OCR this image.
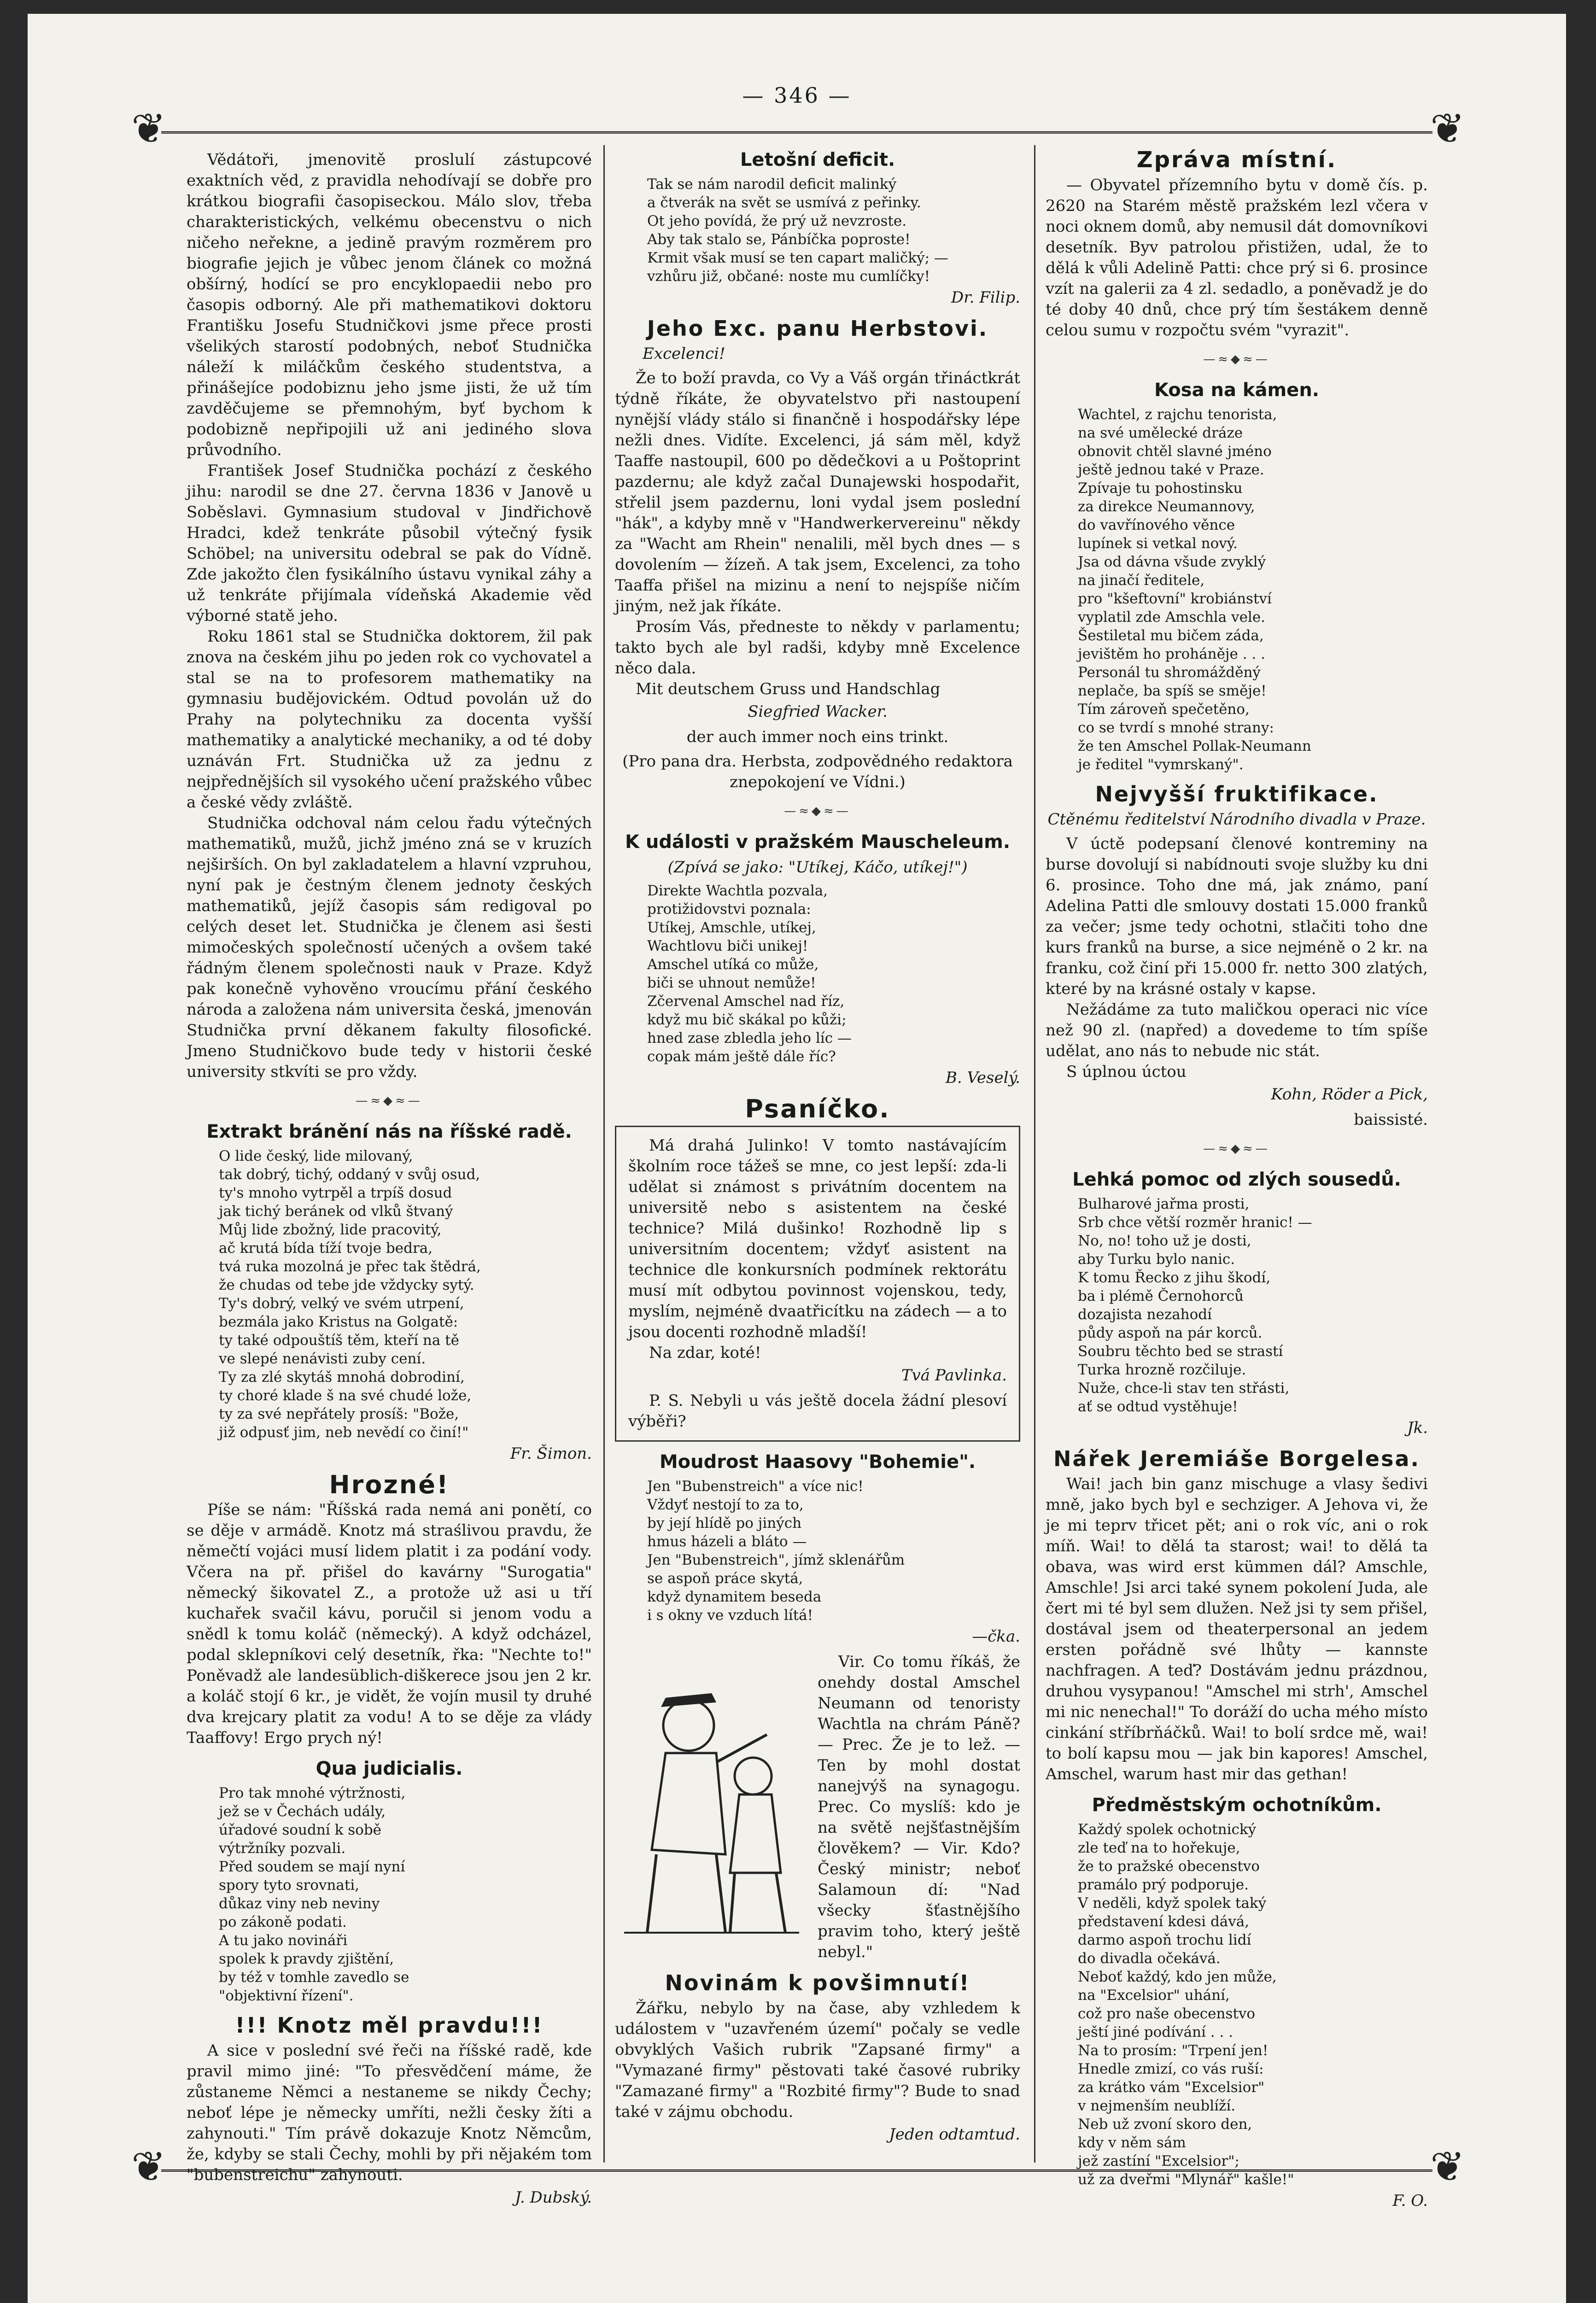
— 346 —
❦	❦
❦	❦

Vědátoři, jmenovitě proslulí zástupcové exaktních věd, z pravidla nehodívají se dobře pro krátkou biografii časopiseckou. Málo slov, třeba charakteristických, velkému obecenstvu o nich ničeho neřekne, a jedině pravým rozměrem pro biografie jejich je vůbec jenom článek co možná obšírný, hodící se pro encyklopaedii nebo pro časopis odborný. Ale při mathematikovi doktoru Františku Josefu Studničkovi jsme přece prosti všelikých starostí podobných, neboť Studnička náleží k miláčkům českého studentstva, a přinášejíce podobiznu jeho jsme jisti, že už tím zavděčujeme se přemnohým, byť bychom k podobizně nepřipojili už ani jediného slova průvodního.

František Josef Studnička pochází z českého jihu: narodil se dne 27. června 1836 v Janově u Soběslavi. Gymnasium studoval v Jindřichově Hradci, kdež tenkráte působil výtečný fysik Schöbel; na universitu odebral se pak do Vídně. Zde jakožto člen fysikálního ústavu vynikal záhy a už tenkráte přijímala vídeňská Akademie věd výborné statě jeho.

Roku 1861 stal se Studnička doktorem, žil pak znova na českém jihu po jeden rok co vychovatel a stal se na to profesorem mathematiky na gymnasiu budějovickém. Odtud povolán už do Prahy na polytechniku za docenta vyšší mathematiky a analytické mechaniky, a od té doby uznáván Frt. Studnička už za jednu z nejpřednějších sil vysokého učení pražského vůbec a české vědy zvláště.

Studnička odchoval nám celou řadu výtečných mathematiků, mužů, jichž jméno zná se v kruzích nejširších. On byl zakladatelem a hlavní vzpruhou, nyní pak je čestným členem jednoty českých mathematiků, jejíž časopis sám redigoval po celých deset let. Studnička je členem asi šesti mimočeských společností učených a ovšem také řádným členem společnosti nauk v Praze. Když pak konečně vyhověno vroucímu přání českého národa a založena nám universita česká, jmenován Studnička první děkanem fakulty filosofické. Jmeno Studničkovo bude tedy v historii české university stkvíti se pro vždy.

—≈◆≈—
Extrakt bránění nás na říšské radě.
O lide český, lide milovaný,
tak dobrý, tichý, oddaný v svůj osud,
ty's mnoho vytrpěl a trpíš dosud
jak tichý beránek od vlků štvaný
Můj lide zbožný, lide pracovitý,
ač krutá bída tíží tvoje bedra,
tvá ruka mozolná je přec tak štědrá,
že chudas od tebe jde vždycky sytý.
Ty's dobrý, velký ve svém utrpení,
bezmála jako Kristus na Golgatě:
ty také odpouštíš těm, kteří na tě
ve slepé nenávisti zuby cení.
Ty za zlé skytáš mnohá dobrodiní,
ty choré klade š na své chudé lože,
ty za své nepřátely prosíš: "Bože,
již odpusť jim, neb nevědí co činí!"
Fr. Šimon.
Hrozné!

Píše se nám: "Říšská rada nemá ani ponětí, co se děje v armádě. Knotz má straślivou pravdu, že němečtí vojáci musí lidem platit i za podání vody. Včera na př. přišel do kavárny "Surogatia" německý šikovatel Z., a protože už asi u tří kuchařek svačil kávu, poručil si jenom vodu a snědl k tomu koláč (německý). A když odcházel, podal sklepníkovi celý desetník, řka: "Nechte to!" Poněvadž ale landesüblich-diškerece jsou jen 2 kr. a koláč stojí 6 kr., je vidět, že vojín musil ty druhé dva krejcary platit za vodu! A to se děje za vlády Taaffovy! Ergo prych ný!

Qua judicialis.
Pro tak mnohé výtržnosti,
jež se v Čechách udály,
úřadové soudní k sobě
výtržníky pozvali.
Před soudem se mají nyní
spory tyto srovnati,
důkaz viny neb neviny
po zákoně podati.
A tu jako novináři
spolek k pravdy zjištění,
by též v tomhle zavedlo se
"objektivní řízení".
!!! Knotz měl pravdu!!!

A sice v poslední své řeči na říšské radě, kde pravil mimo jiné: "To přesvědčení máme, že zůstaneme Němci a nestaneme se nikdy Čechy; neboť lépe je německy umříti, nežli česky žíti a zahynouti." Tím právě dokazuje Knotz Němcům, že, kdyby se stali Čechy, mohli by při nějakém tom "bubenstreichu" zahynouti.

J. Dubský.
Letošní deficit.
Tak se nám narodil deficit malinký
a čtverák na svět se usmívá z peřinky.
Ot jeho povídá, že prý už nevzroste.
Aby tak stalo se, Pánbíčka poproste!
Krmit však musí se ten capart maličký; —
vzhůru již, občané: noste mu cumlíčky!
Dr. Filip.
Jeho Exc. panu Herbstovi.
Excelenci!

Že to boží pravda, co Vy a Váš orgán třináctkrát týdně říkáte, že obyvatelstvo při nastoupení nynější vlády stálo si finančně i hospodářsky lépe nežli dnes. Vidíte. Excelenci, já sám měl, když Taaffe nastoupil, 600 po dědečkovi a u Poštoprint pazdernu; ale když začal Dunajewski hospodařit, střelil jsem pazdernu, loni vydal jsem poslední "hák", a kdyby mně v "Handwerkervereinu" někdy za "Wacht am Rhein" nenalili, měl bych dnes — s dovolením — žízeň. A tak jsem, Excelenci, za toho Taaffa přišel na mizinu a není to nejspíše ničím jiným, než jak říkáte.

Prosím Vás, předneste to někdy v parlamentu; takto bych ale byl radši, kdyby mně Excelence něco dala.

Mit deutschem Gruss und Handschlag

Siegfried Wacker.
der auch immer noch eins trinkt.
(Pro pana dra. Herbsta, zodpovědného redaktora znepokojení ve Vídni.)
—≈◆≈—
K události v pražském Mauscheleum.
(Zpívá se jako: "Utíkej, Káčo, utíkej!")
Direkte Wachtla pozvala,
protižidovstvi poznala:
Utíkej, Amschle, utíkej,
Wachtlovu biči unikej!
Amschel utíká co může,
biči se uhnout nemůže!
Zčervenal Amschel nad říz,
když mu bič skákal po kůži;
hned zase zbledla jeho líc —
copak mám ještě dále říc?
B. Veselý.
Psaníčko.

Má drahá Julinko! V tomto nastávajícím školním roce tážeš se mne, co jest lepší: zda-li udělat si známost s privátním docentem na universitě nebo s asistentem na české technice? Milá dušinko! Rozhodně lip s universitním docentem; vždyť asistent na technice dle konkursních podmínek rektorátu musí mít odbytou povinnost vojenskou, tedy, myslím, nejméně dvaatřicítku na zádech — a to jsou docenti rozhodně mladší!

Na zdar, koté!

Tvá Pavlinka.

P. S. Nebyli u vás ještě docela žádní plesoví výběři?

Moudrost Haasovy "Bohemie".
Jen "Bubenstreich" a více nic!
Vždyť nestojí to za to,
by její hlídě po jiných
hmus házeli a bláto —
Jen "Bubenstreich", jímž sklenářům
se aspoň práce skytá,
když dynamitem beseda
i s okny ve vzduch lítá!
—čka.

Vir. Co tomu říkáš, že onehdy dostal Amschel Neumann od tenoristy Wachtla na chrám Páně? — Prec. Že je to lež. — Ten by mohl dostat nanejvýš na synagogu. Prec. Co myslíš: kdo je na světě nejšťastnějším člověkem? — Vir. Kdo? Český ministr; neboť Salamoun dí: "Nad všecky šťastnějšího pravim toho, který ještě nebyl."

Novinám k povšimnutí!

Žářku, nebylo by na čase, aby vzhledem k událostem v "uzavřeném území" počaly se vedle obvyklých Vašich rubrik "Zapsané firmy" a "Vymazané firmy" pěstovati také časové rubriky "Zamazané firmy" a "Rozbité firmy"? Bude to snad také v zájmu obchodu.

Jeden odtamtud.
Zpráva místní.

— Obyvatel přízemního bytu v domě čís. p. 2620 na Starém městě pražském lezl včera v noci oknem domů, aby nemusil dát domovníkovi desetník. Byv patrolou přistižen, udal, že to dělá k vůli Adelině Patti: chce prý si 6. prosince vzít na galerii za 4 zl. sedadlo, a poněvadž je do té doby 40 dnů, chce prý tím šestákem denně celou sumu v rozpočtu svém "vyrazit".

—≈◆≈—
Kosa na kámen.
Wachtel, z rajchu tenorista,
na své umělecké dráze
obnovit chtěl slavné jméno
ještě jednou také v Praze.
Zpívaje tu pohostinsku
za direkce Neumannovy,
do vavřínového věnce
lupínek si vetkal nový.
Jsa od dávna všude zvyklý
na jinačí ředitele,
pro "kšeftovní" krobiánství
vyplatil zde Amschla vele.
Šestiletal mu bičem záda,
jevištěm ho proháněje . . .
Personál tu shromážděný
neplače, ba spíš se směje!
Tím zároveň spečetěno,
co se tvrdí s mnohé strany:
že ten Amschel Pollak-Neumann
je ředitel "vymrskaný".
Nejvyšší fruktifikace.
Ctěnému ředitelství Národního divadla v Praze.

V úctě podepsaní členové kontreminy na burse dovolují si nabídnouti svoje služby ku dni 6. prosince. Toho dne má, jak známo, paní Adelina Patti dle smlouvy dostati 15.000 franků za večer; jsme tedy ochotni, stlačiti toho dne kurs franků na burse, a sice nejméně o 2 kr. na franku, což činí při 15.000 fr. netto 300 zlatých, které by na krásné ostaly v kapse.

Nežádáme za tuto maličkou operaci nic více než 90 zl. (napřed) a dovedeme to tím spíše udělat, ano nás to nebude nic stát.

S úplnou úctou

Kohn, Röder a Pick,
baissisté.
—≈◆≈—
Lehká pomoc od zlých sousedů.
Bulharové jařma prosti,
Srb chce větší rozměr hranic! —
No, no! toho už je dosti,
aby Turku bylo nanic.
K tomu Řecko z jihu škodí,
ba i plémě Černohorců
dozajista nezahodí
půdy aspoň na pár korců.
Soubru těchto bed se strastí
Turka hrozně rozčiluje.
Nuže, chce-li stav ten střásti,
ať se odtud vystěhuje!
Jk.
Nářek Jeremiáše Borgelesa.

Wai! jach bin ganz mischuge a vlasy šedivi mně, jako bych byl e sechziger. A Jehova vi, že je mi teprv třicet pět; ani o rok víc, ani o rok míň. Wai! to dělá ta starost; wai! to dělá ta obava, was wird erst kümmen dál? Amschle, Amschle! Jsi arci také synem pokolení Juda, ale čert mi té byl sem dlužen. Než jsi ty sem přišel, dostával jsem od theaterpersonal an jedem ersten pořádně své lhůty — kannste nachfragen. A teď? Dostávám jednu prázdnou, druhou vysypanou! "Amschel mi strh', Amschel mi nic nenechal!" To doráží do ucha mého místo cinkání stříbrňáčků. Wai! to bolí srdce mě, wai! to bolí kapsu mou — jak bin kapores! Amschel, Amschel, warum hast mir das gethan!

Předměstským ochotníkům.
Každý spolek ochotnický
zle teď na to hořekuje,
že to pražské obecenstvo
pramálo prý podporuje.
V neděli, když spolek taký
představení kdesi dává,
darmo aspoň trochu lidí
do divadla očekává.
Neboť každý, kdo jen může,
na "Excelsior" uhání,
což pro naše obecenstvo
ještí jiné podívání . . .
Na to prosím: "Trpení jen!
Hnedle zmizí, co vás ruší:
za krátko vám "Excelsior"
v nejmenším neublíží.
Neb už zvoní skoro den,
kdy v něm sám
jež zastíní "Excelsior";
už za dveřmi "Mlynář" kašle!"
F. O.
